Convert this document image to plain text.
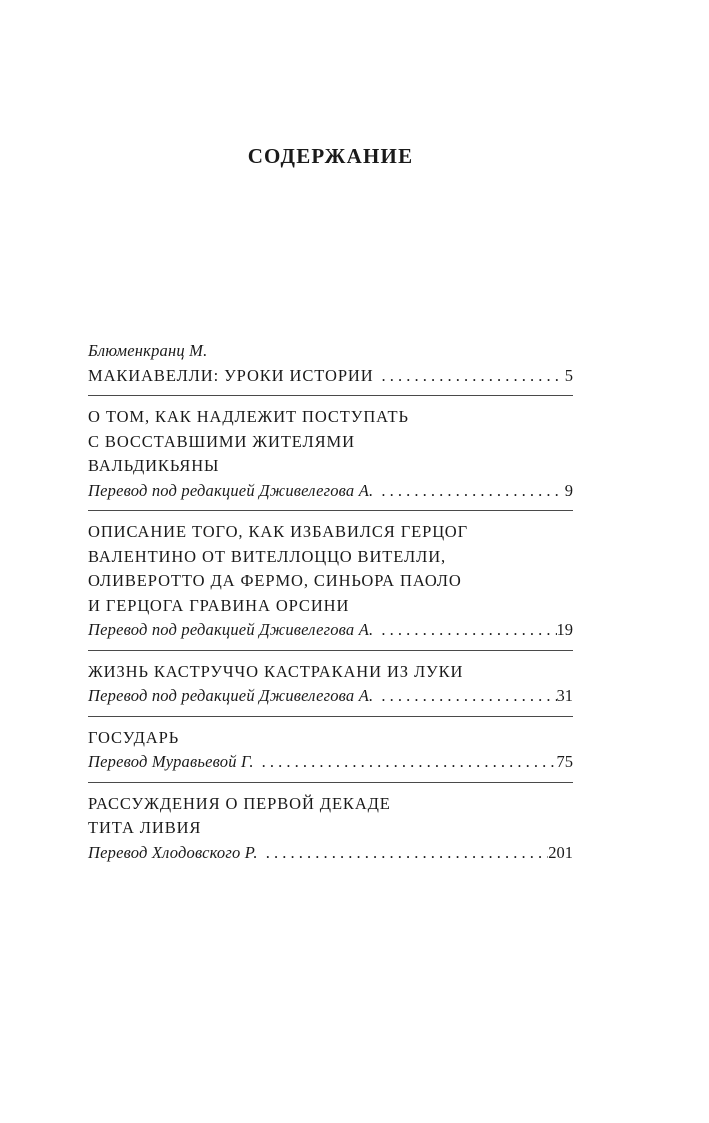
СОДЕРЖАНИЕ
Блюменкранц М.
МАКИАВЕЛЛИ: УРОКИ ИСТОРИИ . . .	5
О ТОМ, КАК НАДЛЕЖИТ ПОСТУПАТЬ
С ВОССТАВШИМИ ЖИТЕЛЯМИ
ВАЛЬДИКЬЯНЫ
Перевод под редакцией Дживелегова А. . . .	9
ОПИСАНИЕ ТОГО, КАК ИЗБАВИЛСЯ ГЕРЦОГ
ВАЛЕНТИНО ОТ ВИТЕЛЛОЦЦО ВИТЕЛЛИ,
ОЛИВЕРОТТО ДА ФЕРМО, СИНЬОРА ПАОЛО
И ГЕРЦОГА ГРАВИНА ОРСИНИ
Перевод под редакцией Дживелегова А. . . .	19
ЖИЗНЬ КАСТРУЧЧО КАСТРАКАНИ ИЗ ЛУКИ
Перевод под редакцией Дживелегова А. . . .	31
ГОСУДАРЬ
Перевод Муравьевой Г. . . .	75
РАССУЖДЕНИЯ О ПЕРВОЙ ДЕКАДЕ
ТИТА ЛИВИЯ
Перевод Хлодовского Р. . . .	201
